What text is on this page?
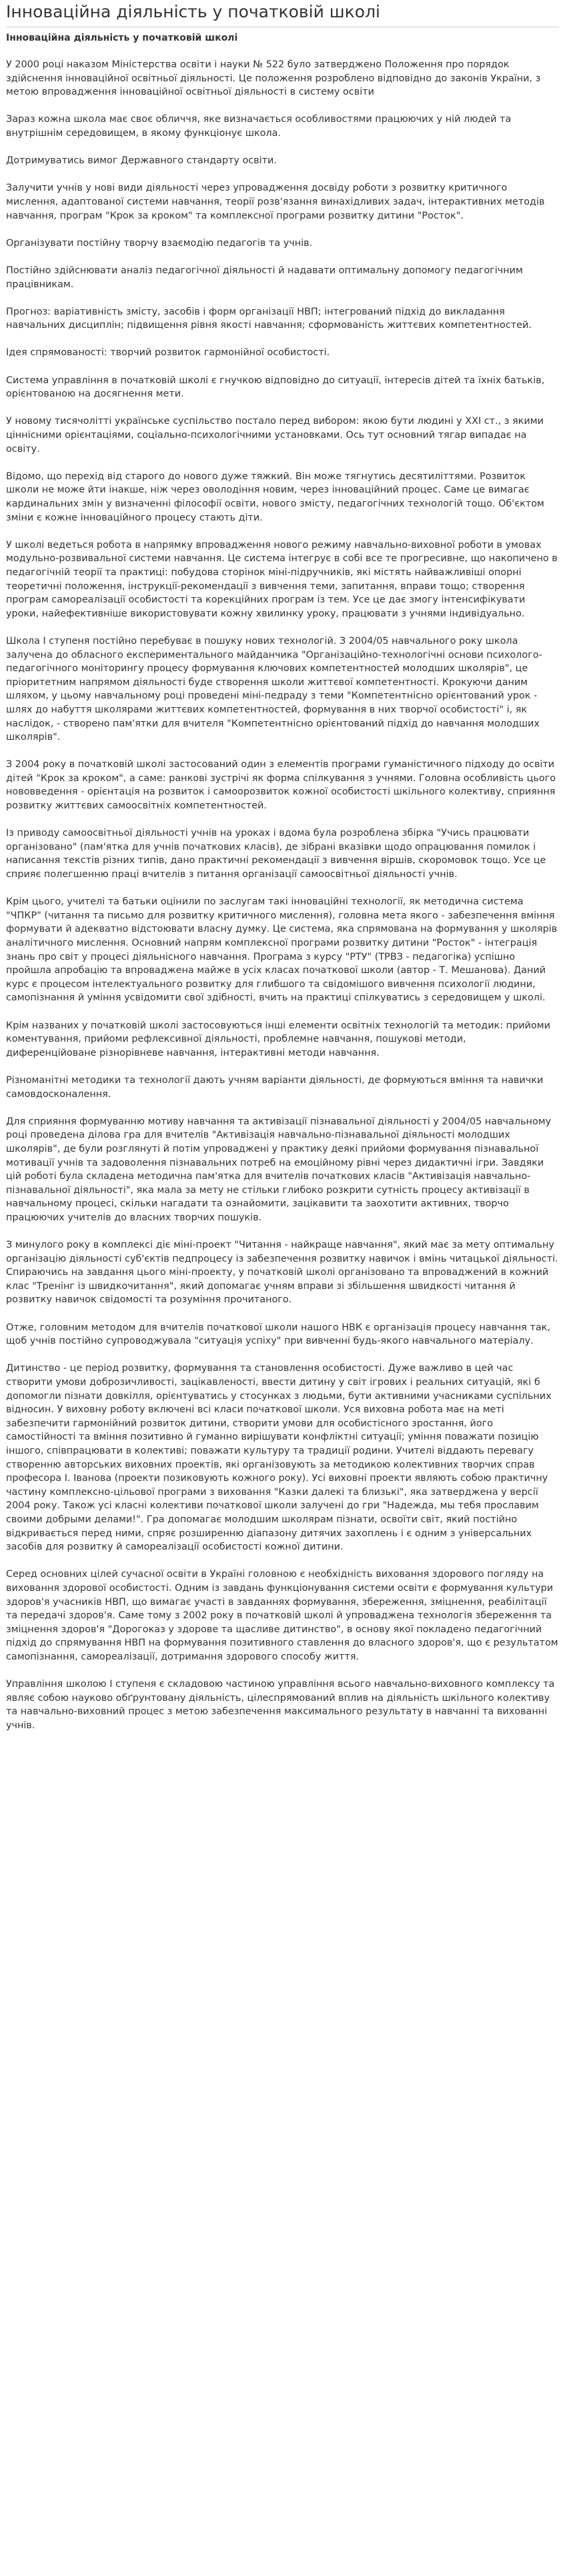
Інноваційна діяльність у початковій школі
Інноваційна діяльність у початковій школі

У 2000 році наказом Міністерства освіти і науки № 522 було затверджено Положення про порядок здійснення інноваційної освітньої діяльності. Це положення розроблено відповідно до законів України, з метою впровадження інноваційної освітньої діяльності в систему освіти

Зараз кожна школа має своє обличчя, яке визначається особливостями працюючих у ній людей та внутрішнім середовищем, в якому функціонує школа.

Дотримуватись вимог Державного стандарту освіти.

Залучити учнів у нові види діяльності через упровадження досвіду роботи з розвитку критичного мислення, адаптованої системи навчання, теорії розв'язання винахідливих задач, інтерактивних методів навчання, програм "Крок за кроком" та комплексної програми розвитку дитини "Росток".

Організувати постійну творчу взаємодію педагогів та учнів.

Постійно здійснювати аналіз педагогічної діяльності й надавати оптимальну допомогу педагогічним працівникам.

Прогноз: варіативність змісту, засобів і форм організації НВП; інтегрований підхід до викладання навчальних дисциплін; підвищення рівня якості навчання; сформованість життєвих компетентностей.

Ідея спрямованості: творчий розвиток гармонійної особистості.

Система управління в початковій школі є гнучкою відповідно до ситуації, інтересів дітей та їхніх батьків, орієнтованою на досягнення мети.

У новому тисячолітті українське суспільство постало перед вибором: якою бути людині у ХХІ ст., з якими ціннісними орієнтаціями, соціально-психологічними установками. Ось тут основний тягар випадає на освіту.

Відомо, що перехід від старого до нового дуже тяжкий. Він може тягнутись десятиліттями. Розвиток школи не може йти інакше, ніж через оволодіння новим, через інноваційний процес. Саме це вимагає кардинальних змін у визначенні філософії освіти, нового змісту, педагогічних технологій тощо. Об'єктом зміни є кожне інноваційного процесу стають діти.

У школі ведеться робота в напрямку впровадження нового режиму навчально-виховної роботи в умовах модульно-розвивальної системи навчання. Це система інтегрує в собі все те прогресивне, що накопичено в педагогічній теорії та практиці: побудова сторінок міні-підручників, які містять найважливіші опорні теоретичні положення, інструкції-рекомендації з вивчення теми, запитання, вправи тощо; створення програм самореалізації особистості та корекційних програм із тем. Усе це дає змогу інтенсифікувати уроки, найефективніше використовувати кожну хвилинку уроку, працювати з учнями індивідуально.

Школа І ступеня постійно перебуває в пошуку нових технологій. З 2004/05 навчального року школа залучена до обласного експериментального майданчика "Організаційно-технологічні основи психолого-педагогічного моніторингу процесу формування ключових компетентностей молодших школярів", це пріоритетним напрямом діяльності буде створення школи життєвої компетентності. Крокуючи даним шляхом, у цьому навчальному році проведені міні-педраду з теми "Компетентнісно орієнтований урок - шлях до набуття школярами життєвих компетентностей, формування в них творчої особистості" і, як наслідок, - створено пам'ятки для вчителя "Компетентнісно орієнтований підхід до навчання молодших школярів".

З 2004 року в початковій школі застосований один з елементів програми гуманістичного підходу до освіти дітей "Крок за кроком", а саме: ранкові зустрічі як форма спілкування з учнями. Головна особливість цього нововведення - орієнтація на розвиток і самоорозвиток кожної особистості шкільного колективу, сприяння розвитку життєвих самоосвітніх компетентностей.

Із приводу самоосвітньої діяльності учнів на уроках і вдома була розроблена збірка "Учись працювати організовано" (пам'ятка для учнів початкових класів), де зібрані вказівки щодо опрацювання помилок і написання текстів різних типів, дано практичні рекомендації з вивчення віршів, скоромовок тощо. Усе це сприяє полегшенню праці вчителів з питання організації самоосвітньої діяльності учнів.

Крім цього, учителі та батьки оцінили по заслугам такі інноваційні технології, як методична система "ЧПКР" (читання та письмо для розвитку критичного мислення), головна мета якого - забезпечення вміння формувати й адекватно відстоювати власну думку. Це система, яка спрямована на формування у школярів аналітичного мислення. Основний напрям комплексної програми розвитку дитини "Росток" - інтеграція знань про світ у процесі діяльнісного навчання. Програма з курсу "РТУ" (ТРВЗ - педагогіка) успішно пройшла апробацію та впроваджена майже в усіх класах початкової школи (автор - Т. Мешанова). Даний курс є процесом інтелектуального розвитку для глибшого та свідомішого вивчення психології людини, самопізнання й уміння усвідомити свої здібності, вчить на практиці спілкуватись з середовищем у школі.

Крім названих у початковій школі застосовуються інші елементи освітніх технологій та методик: прийоми коментування, прийоми рефлексивної діяльності, проблемне навчання, пошукові методи, диференційоване різнорівневе навчання, інтерактивні методи навчання.

Різноманітні методики та технології дають учням варіанти діяльності, де формуються вміння та навички самовдосконалення.

Для сприяння формуванню мотиву навчання та активізації пізнавальної діяльності у 2004/05 навчальному році проведена ділова гра для вчителів "Активізація навчально-пізнавальної діяльності молодших школярів", де були розглянуті й потім упроваджені у практику деякі прийоми формування пізнавальної мотивації учнів та задоволення пізнавальних потреб на емоційному рівні через дидактичні ігри. Завдяки цій роботі була складена методична пам'ятка для вчителів початкових класів "Активізація навчально-пізнавальної діяльності", яка мала за мету не стільки глибоко розкрити сутність процесу активізації в навчальному процесі, скільки нагадати та ознайомити, зацікавити та заохотити активних, творчо працюючих учителів до власних творчих пошуків.

З минулого року в комплексі діє міні-проект "Читання - найкраще навчання", який має за мету оптимальну організацію діяльності суб'єктів педпроцесу із забезпечення розвитку навичок і вмінь читацької діяльності. Спираючись на завдання цього міні-проекту, у початковій школі організовано та впроваджений в кожний клас "Тренінг із швидкочитання", який допомагає учням вправи зі збільшення швидкості читання й розвитку навичок свідомості та розуміння прочитаного.

Отже, головним методом для вчителів початкової школи нашого НВК є організація процесу навчання так, щоб учнів постійно супроводжувала "ситуація успіху" при вивченні будь-якого навчального матеріалу.

Дитинство - це період розвитку, формування та становлення особистості. Дуже важливо в цей час створити умови доброзичливості, зацікавленості, ввести дитину у світ ігрових і реальних ситуацій, які б допомогли пізнати довкілля, орієнтуватись у стосунках з людьми, бути активними учасниками суспільних відносин. У виховну роботу включені всі класи початкової школи. Уся виховна робота має на меті забезпечити гармонійний розвиток дитини, створити умови для особистісного зростання, його самостійності та вміння позитивно й гуманно вирішувати конфліктні ситуації; уміння поважати позицію іншого, співпрацювати в колективі; поважати культуру та традиції родини. Учителі віддають перевагу створенню авторських виховних проектів, які організовують за методикою колективних творчих справ професора І. Іванова (проекти позиковують кожного року). Усі виховні проекти являють собою практичну частину комплексно-цільової програми з виховання "Казки далекі та близькі", яка затверджена у версії 2004 року. Також усі класні колективи початкової школи залучені до гри "Надежда, мы тебя прославим своими добрыми делами!". Гра допомагає молодшим школярам пізнати, освоїти світ, який постійно відкривається перед ними, спряє розширенню діапазону дитячих захоплень і є одним з універсальних засобів для розвитку й самореалізації особистості кожної дитини.

Серед основних цілей сучасної освіти в Україні головною є необхідність виховання здорового погляду на виховання здорової особистості. Одним із завдань функціонування системи освіти є формування культури здоров'я учасників НВП, що вимагає участі в завданнях формування, збереження, зміцнення, реабілітації та передачі здоров'я. Саме тому з 2002 року в початковій школі й упроваджена технологія збереження та зміцнення здоров'я "Дорогоказ у здорове та щасливе дитинство", в основу якої покладено педагогічний підхід до спрямування НВП на формування позитивного ставлення до власного здоров'я, що є результатом самопізнання, самореалізації, дотримання здорового способу життя.

Управління школою І ступеня є складовою частиною управління всього навчально-виховного комплексу та являє собою науково обґрунтовану діяльність, цілеспрямований вплив на діяльність шкільного колективу та навчально-виховний процес з метою забезпечення максимального результату в навчанні та вихованні учнів.
